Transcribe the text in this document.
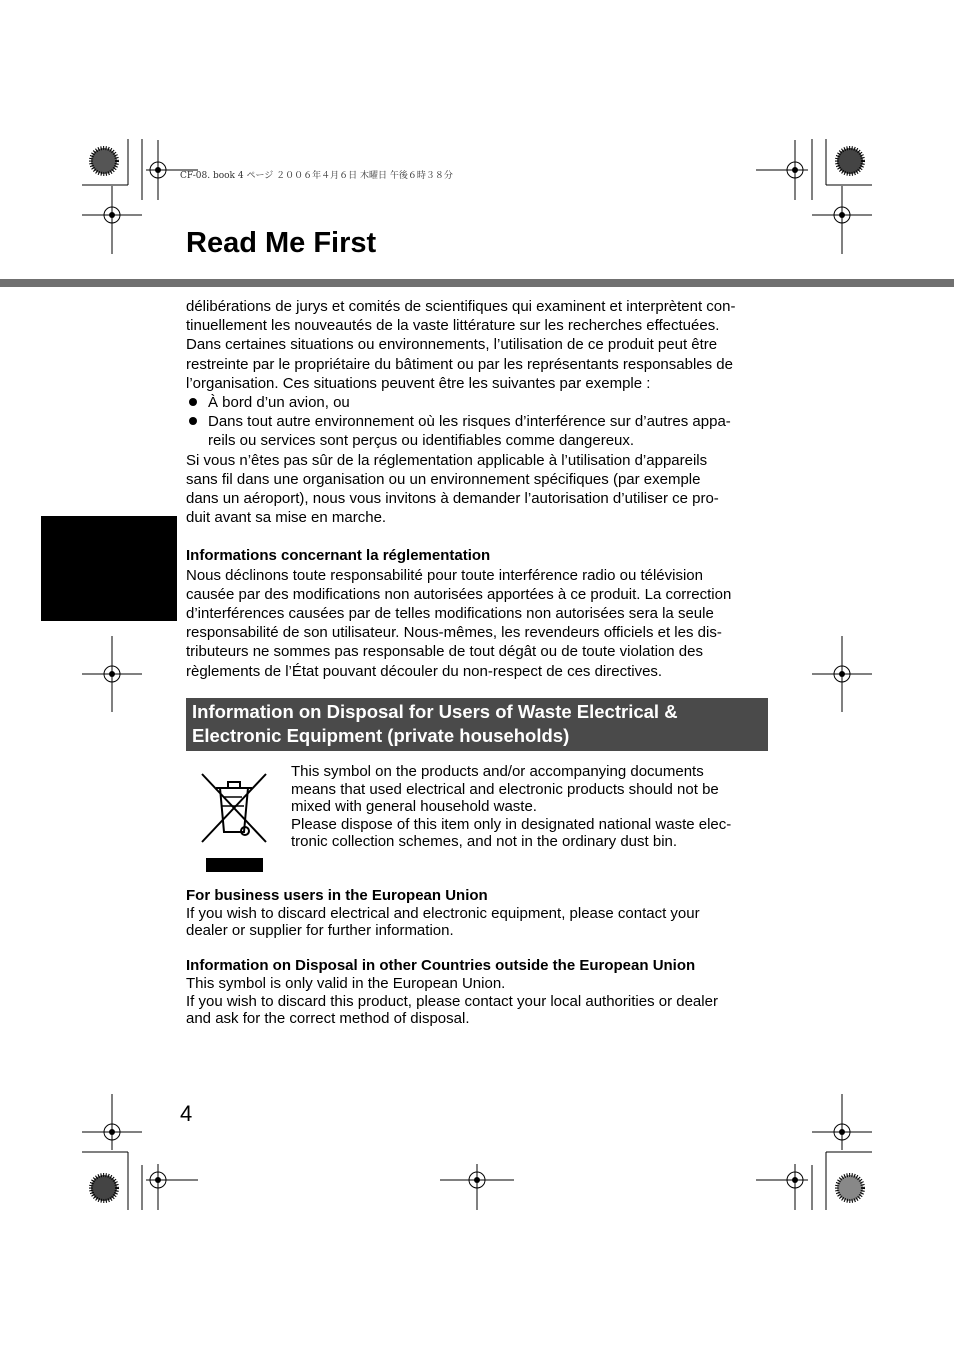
CF-08. book 4 ページ ２００６年４月６日 木曜日 午後６時３８分
Read Me First

délibérations de jurys et comités de scientifiques qui examinent et interprètent con-
tinuellement les nouveautés de la vaste littérature sur les recherches effectuées.
Dans certaines situations ou environnements, l’utilisation de ce produit peut être
restreinte par le propriétaire du bâtiment ou par les représentants responsables de
l’organisation. Ces situations peuvent être les suivantes par exemple :

À bord d’un avion, ou
Dans tout autre environnement où les risques d’interférence sur d’autres appa-
reils ou services sont perçus ou identifiables comme dangereux.

Si vous n’êtes pas sûr de la réglementation applicable à l’utilisation d’appareils
sans fil dans une organisation ou un environnement spécifiques (par exemple
dans un aéroport), nous vous invitons à demander l’autorisation d’utiliser ce pro-
duit avant sa mise en marche.

Informations concernant la réglementation

Nous déclinons toute responsabilité pour toute interférence radio ou télévision
causée par des modifications non autorisées apportées à ce produit. La correction
d’interférences causées par de telles modifications non autorisées sera la seule
responsabilité de son utilisateur. Nous-mêmes, les revendeurs officiels et les dis-
tributeurs ne sommes pas responsable de tout dégât ou de toute violation des
règlements de l’État pouvant découler du non-respect de ces directives.

Information on Disposal for Users of Waste Electrical &
Electronic Equipment (private households)

This symbol on the products and/or accompanying documents
means that used electrical and electronic products should not be
mixed with general household waste.
Please dispose of this item only in designated national waste elec-
tronic collection schemes, and not in the ordinary dust bin.

For business users in the European Union

If you wish to discard electrical and electronic equipment, please contact your
dealer or supplier for further information.

Information on Disposal in other Countries outside the European Union

This symbol is only valid in the European Union.
If you wish to discard this product, please contact your local authorities or dealer
and ask for the correct method of disposal.

4
